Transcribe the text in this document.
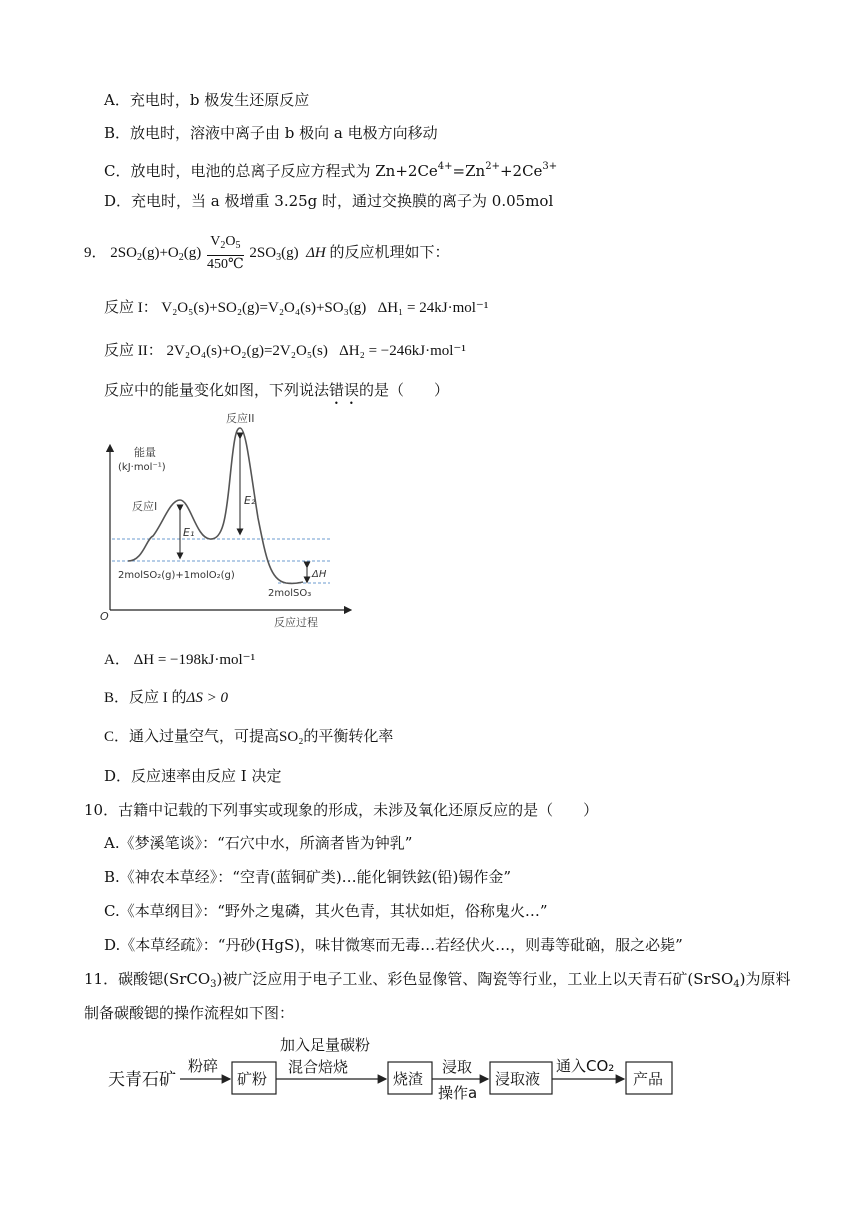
A．充电时，b 极发生还原反应
B．放电时，溶液中离子由 b 极向 a 电极方向移动
C．放电时，电池的总离子反应方程式为 $Zn+2Ce^{4+}=Zn^{2+}+2Ce^{3+}$
D．充电时，当 a 极增重 3.25g 时，通过交换膜的离子为 0.05mol
9． $2SO_2(g)+O_2(g) \frac{V_2O_5}{450℃} 2SO_3(g)$ ΔH 的反应机理如下：
反应 I： V₂O₅(s)+SO₂(g)=V₂O₄(s)+SO₃(g) ΔH₁ = 24kJ·mol⁻¹
反应 II： 2V₂O₄(s)+O₂(g)=2V₂O₅(s) ΔH₂ = −246kJ·mol⁻¹
反应中的能量变化如图，下列说法错误的是（　　）
能量
(kJ·mol⁻¹)
反应II
反应I
E₁
E₂
2molSO₂(g)+1molO₂(g)	ΔH
2molSO₃
O	反应过程
A． ΔH = −198kJ·mol⁻¹
B．反应 I 的ΔS > 0
C．通入过量空气，可提高SO₂的平衡转化率
D．反应速率由反应 I 决定
10．古籍中记载的下列事实或现象的形成，未涉及氧化还原反应的是（　　）
A.《梦溪笔谈》：“石穴中水，所滴者皆为钟乳”
B.《神农本草经》：“空青(蓝铜矿类)…能化铜铁鉉(铅)锡作金”
C.《本草纲目》：“野外之鬼磷，其火色青，其状如炬，俗称鬼火…”
D.《本草经疏》：“丹砂(HgS)，味甘微寒而无毒…若经伏火…，则毒等砒硇，服之必毙”
11．碳酸锶(SrCO$_3$)被广泛应用于电子工业、彩色显像管、陶瓷等行业，工业上以天青石矿(SrSO$_4$)为原料
制备碳酸锶的操作流程如下图：
天青石矿
粉碎
矿粉
加入足量碳粉
混合焙烧
烧渣
浸取
操作a
浸取液
通入CO₂
产品
